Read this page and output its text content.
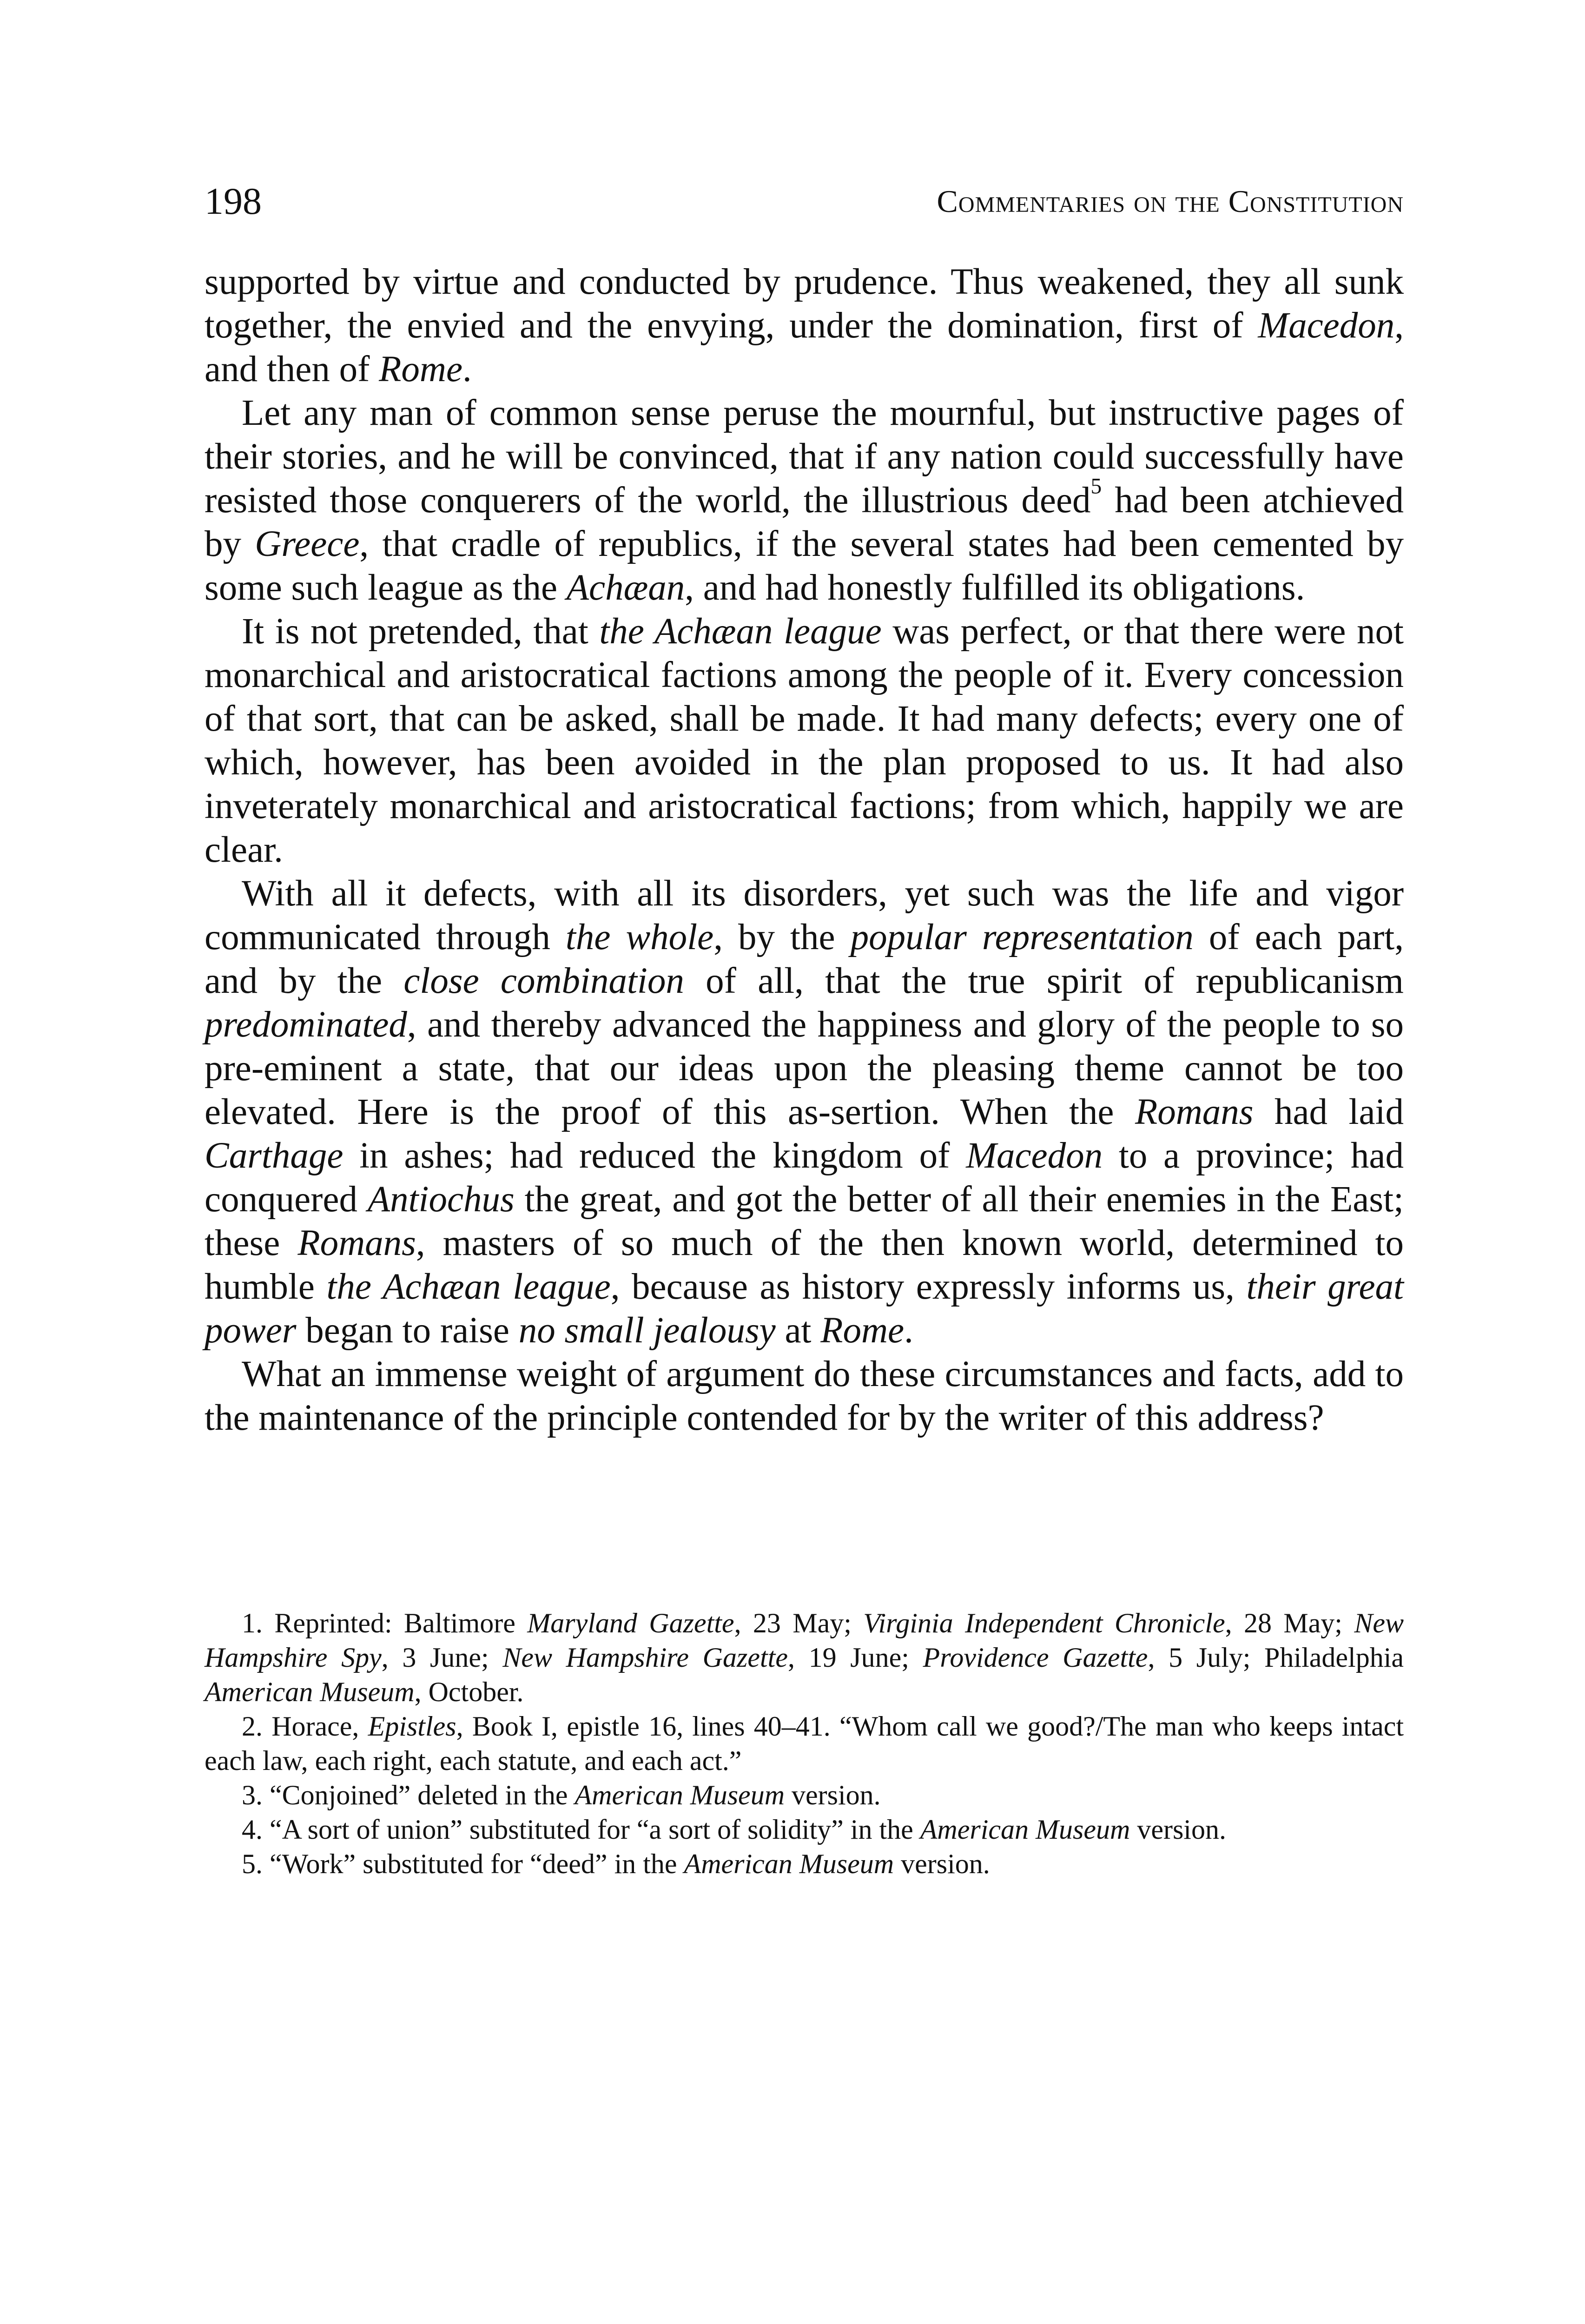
198	Commentaries on the Constitution

supported by virtue and conducted by prudence. Thus weakened, they all sunk together, the envied and the envying, under the domination, first of Macedon, and then of Rome.

Let any man of common sense peruse the mournful, but instructive pages of their stories, and he will be convinced, that if any nation could successfully have resisted those conquerers of the world, the illustrious deed$^5$ had been atchieved by Greece, that cradle of republics, if the several states had been cemented by some such league as the Achæan, and had honestly fulfilled its obligations.

It is not pretended, that the Achæan league was perfect, or that there were not monarchical and aristocratical factions among the people of it. Every concession of that sort, that can be asked, shall be made. It had many defects; every one of which, however, has been avoided in the plan proposed to us. It had also inveterately monarchical and aristocratical factions; from which, happily we are clear.

With all it defects, with all its disorders, yet such was the life and vigor communicated through the whole, by the popular representation of each part, and by the close combination of all, that the true spirit of republicanism predominated, and thereby advanced the happiness and glory of the people to so pre-eminent a state, that our ideas upon the pleasing theme cannot be too elevated. Here is the proof of this as-sertion. When the Romans had laid Carthage in ashes; had reduced the kingdom of Macedon to a province; had conquered Antiochus the great, and got the better of all their enemies in the East; these Romans, masters of so much of the then known world, determined to humble the Achæan league, because as history expressly informs us, their great power began to raise no small jealousy at Rome.

What an immense weight of argument do these circumstances and facts, add to the maintenance of the principle contended for by the writer of this address?

1. Reprinted: Baltimore Maryland Gazette, 23 May; Virginia Independent Chronicle, 28 May; New Hampshire Spy, 3 June; New Hampshire Gazette, 19 June; Providence Gazette, 5 July; Philadelphia American Museum, October.

2. Horace, Epistles, Book I, epistle 16, lines 40–41. “Whom call we good?/The man who keeps intact each law, each right, each statute, and each act.”

3. “Conjoined” deleted in the American Museum version.

4. “A sort of union” substituted for “a sort of solidity” in the American Museum version.

5. “Work” substituted for “deed” in the American Museum version.
